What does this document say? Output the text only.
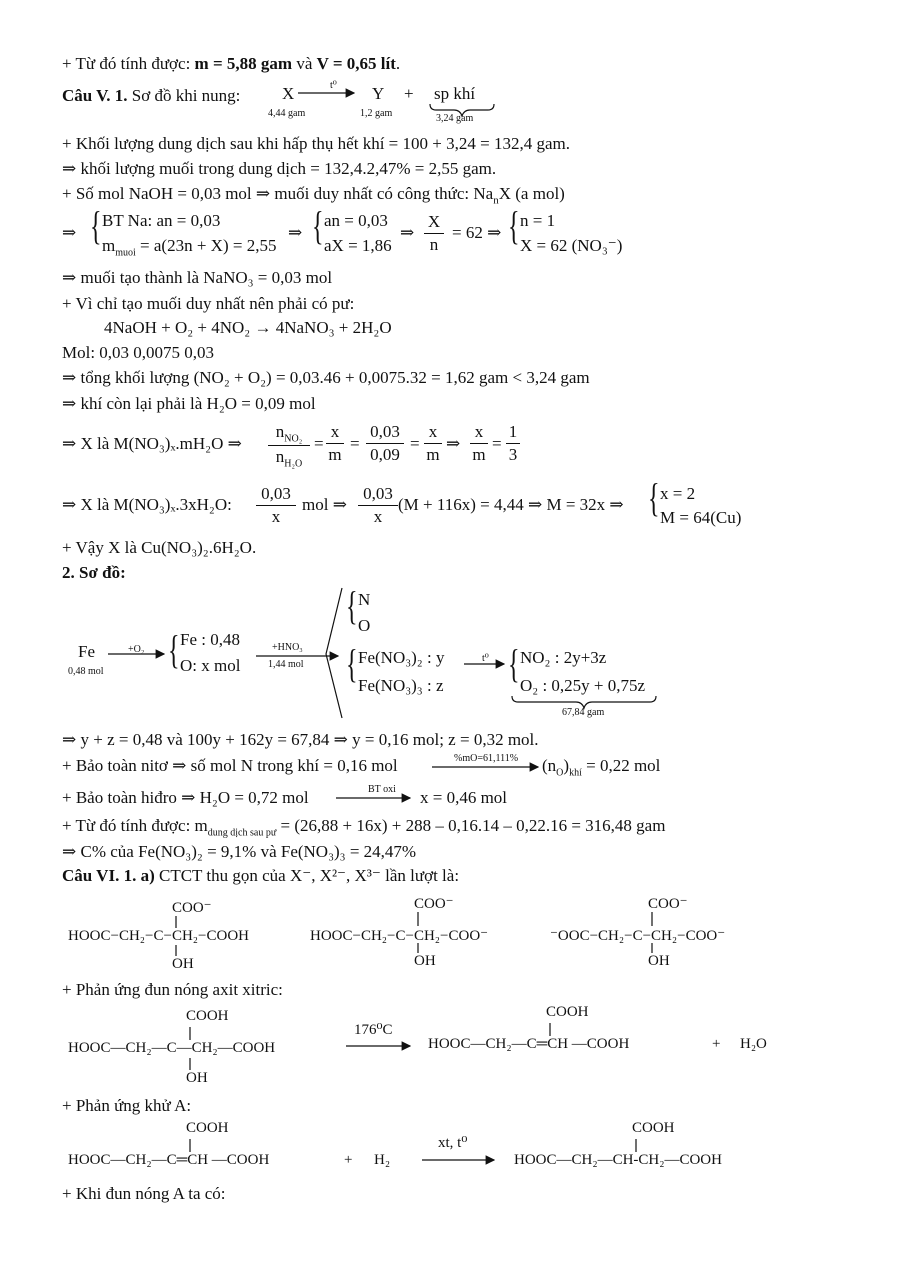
+ Từ đó tính được: m = 5,88 gam và V = 0,65 lít.
Câu V. 1. Sơ đồ khi nung: X
4,44 gam
t⁰ Y
1,2 gam
+ sp khí
3,24 gam
+ Khối lượng dung dịch sau khi hấp thụ hết khí = 100 + 3,24 = 132,4 gam.
⇒ khối lượng muối trong dung dịch = 132,4.2,47% = 2,55 gam.
+ Số mol NaOH = 0,03 mol ⇒ muối duy nhất có công thức: $Na_nX$ (a mol)
⇒ { BT Na: an = 0,03
$m_{muoi} = a(23n + X) = 2,55$
⇒ { an = 0,03
aX = 1,86
⇒
X
n
= 62 ⇒ { n = 1
X = 62 (NO₃⁻)
⇒ muối tạo thành là NaNO₃ = 0,03 mol
+ Vì chỉ tạo muối duy nhất nên phải có pư:
4NaOH + O₂ + 4NO₂ → 4NaNO₃ + 2H₂O
Mol: 0,03 0,0075 0,03
⇒ tổng khối lượng (NO₂ + O₂) = 0,03.46 + 0,0075.32 = 1,62 gam < 3,24 gam
⇒ khí còn lại phải là H₂O = 0,09 mol
⇒ X là M(NO₃)ₓ.mH₂O ⇒
$n_{NO_2}$
$n_{H_2O}$
=
x
m
=
0,03
0,09
=
x
m
⇒
x
m
=
1
3
⇒ X là M(NO₃)ₓ.3xH₂O:
0,03
x
mol ⇒
0,03
x
(M + 116x) = 4,44 ⇒ M = 32x ⇒ { x = 2
M = 64(Cu)
+ Vậy X là Cu(NO₃)₂.6H₂O.
2. Sơ đồ:
Fe
0,48 mol
+O₂ { Fe : 0,48
O: x mol
+HNO₃
1,44 mol
{ N
O
{ Fe(NO₃)₂ : y
Fe(NO₃)₃ : z
t⁰ { NO₂ : 2y+3z
O₂ : 0,25y + 0,75z
67,84 gam
⇒ y + z = 0,48 và 100y + 162y = 67,84 ⇒ y = 0,16 mol; z = 0,32 mol.
+ Bảo toàn nitơ ⇒ số mol N trong khí = 0,16 mol	%mO=61,111% $(n_O)_{khí} = 0,22$ mol
+ Bảo toàn hiđro ⇒ H₂O = 0,72 mol	BT oxi x = 0,46 mol
+ Từ đó tính được: $m_{dung dịch sau pư} = (26,88 + 16x) + 288 - 0,16.14 - 0,22.16 = 316,48$ gam
⇒ C% của Fe(NO₃)₂ = 9,1% và Fe(NO₃)₃ = 24,47%
Câu VI. 1. a) CTCT thu gọn của X⁻, X²⁻, X³⁻ lần lượt là:
COO⁻
HOOC−CH₂−C−CH₂−COOH
OH
COO⁻
HOOC−CH₂−C−CH₂−COO⁻
OH
COO⁻
⁻OOC−CH₂−C−CH₂−COO⁻
OH
+ Phản ứng đun nóng axit xitric:
COOH
HOOC—CH₂—C—CH₂—COOH
OH
176⁰C
COOH
HOOC—CH₂—C═CH —COOH	+ H₂O
+ Phản ứng khử A:
COOH
HOOC—CH₂—C═CH —COOH	+ H₂
xt, t⁰
COOH
HOOC—CH₂—CH-CH₂—COOH
+ Khi đun nóng A ta có:
